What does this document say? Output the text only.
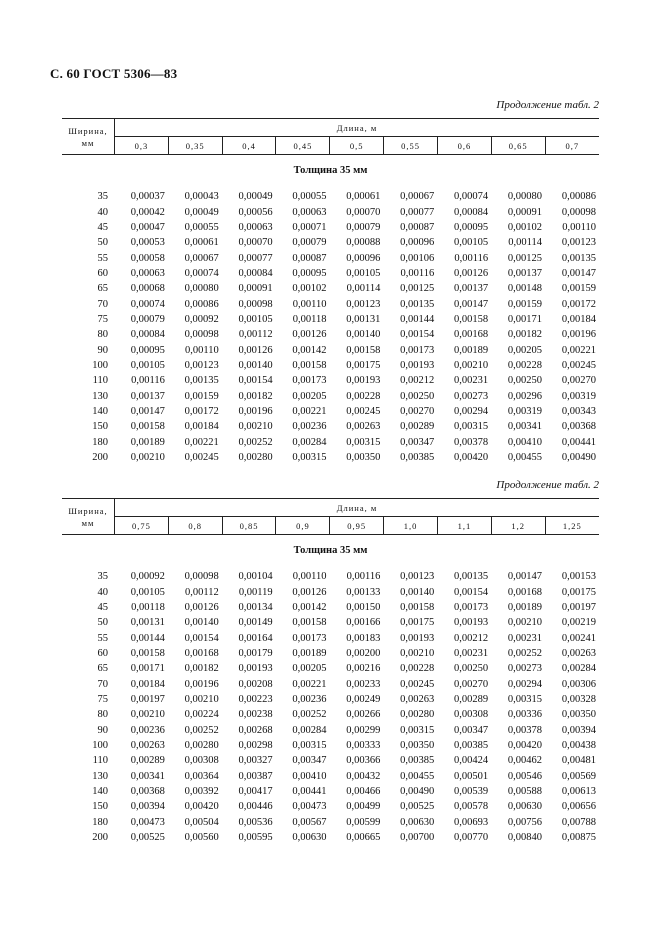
С. 60 ГОСТ 5306—83
Продолжение табл. 2
Ширина,
мм	Длина, м								
	0,3	0,35	0,4	0,45	0,5	0,55	0,6	0,65	0,7
Толщина 35 мм
35	0,00037	0,00043	0,00049	0,00055	0,00061	0,00067	0,00074	0,00080	0,00086
40	0,00042	0,00049	0,00056	0,00063	0,00070	0,00077	0,00084	0,00091	0,00098
45	0,00047	0,00055	0,00063	0,00071	0,00079	0,00087	0,00095	0,00102	0,00110
50	0,00053	0,00061	0,00070	0,00079	0,00088	0,00096	0,00105	0,00114	0,00123
55	0,00058	0,00067	0,00077	0,00087	0,00096	0,00106	0,00116	0,00125	0,00135
60	0,00063	0,00074	0,00084	0,00095	0,00105	0,00116	0,00126	0,00137	0,00147
65	0,00068	0,00080	0,00091	0,00102	0,00114	0,00125	0,00137	0,00148	0,00159
70	0,00074	0,00086	0,00098	0,00110	0,00123	0,00135	0,00147	0,00159	0,00172
75	0,00079	0,00092	0,00105	0,00118	0,00131	0,00144	0,00158	0,00171	0,00184
80	0,00084	0,00098	0,00112	0,00126	0,00140	0,00154	0,00168	0,00182	0,00196
90	0,00095	0,00110	0,00126	0,00142	0,00158	0,00173	0,00189	0,00205	0,00221
100	0,00105	0,00123	0,00140	0,00158	0,00175	0,00193	0,00210	0,00228	0,00245
110	0,00116	0,00135	0,00154	0,00173	0,00193	0,00212	0,00231	0,00250	0,00270
130	0,00137	0,00159	0,00182	0,00205	0,00228	0,00250	0,00273	0,00296	0,00319
140	0,00147	0,00172	0,00196	0,00221	0,00245	0,00270	0,00294	0,00319	0,00343
150	0,00158	0,00184	0,00210	0,00236	0,00263	0,00289	0,00315	0,00341	0,00368
180	0,00189	0,00221	0,00252	0,00284	0,00315	0,00347	0,00378	0,00410	0,00441
200	0,00210	0,00245	0,00280	0,00315	0,00350	0,00385	0,00420	0,00455	0,00490
Продолжение табл. 2
Ширина,
мм	Длина, м								
	0,75	0,8	0,85	0,9	0,95	1,0	1,1	1,2	1,25
Толщина 35 мм
35	0,00092	0,00098	0,00104	0,00110	0,00116	0,00123	0,00135	0,00147	0,00153
40	0,00105	0,00112	0,00119	0,00126	0,00133	0,00140	0,00154	0,00168	0,00175
45	0,00118	0,00126	0,00134	0,00142	0,00150	0,00158	0,00173	0,00189	0,00197
50	0,00131	0,00140	0,00149	0,00158	0,00166	0,00175	0,00193	0,00210	0,00219
55	0,00144	0,00154	0,00164	0,00173	0,00183	0,00193	0,00212	0,00231	0,00241
60	0,00158	0,00168	0,00179	0,00189	0,00200	0,00210	0,00231	0,00252	0,00263
65	0,00171	0,00182	0,00193	0,00205	0,00216	0,00228	0,00250	0,00273	0,00284
70	0,00184	0,00196	0,00208	0,00221	0,00233	0,00245	0,00270	0,00294	0,00306
75	0,00197	0,00210	0,00223	0,00236	0,00249	0,00263	0,00289	0,00315	0,00328
80	0,00210	0,00224	0,00238	0,00252	0,00266	0,00280	0,00308	0,00336	0,00350
90	0,00236	0,00252	0,00268	0,00284	0,00299	0,00315	0,00347	0,00378	0,00394
100	0,00263	0,00280	0,00298	0,00315	0,00333	0,00350	0,00385	0,00420	0,00438
110	0,00289	0,00308	0,00327	0,00347	0,00366	0,00385	0,00424	0,00462	0,00481
130	0,00341	0,00364	0,00387	0,00410	0,00432	0,00455	0,00501	0,00546	0,00569
140	0,00368	0,00392	0,00417	0,00441	0,00466	0,00490	0,00539	0,00588	0,00613
150	0,00394	0,00420	0,00446	0,00473	0,00499	0,00525	0,00578	0,00630	0,00656
180	0,00473	0,00504	0,00536	0,00567	0,00599	0,00630	0,00693	0,00756	0,00788
200	0,00525	0,00560	0,00595	0,00630	0,00665	0,00700	0,00770	0,00840	0,00875
